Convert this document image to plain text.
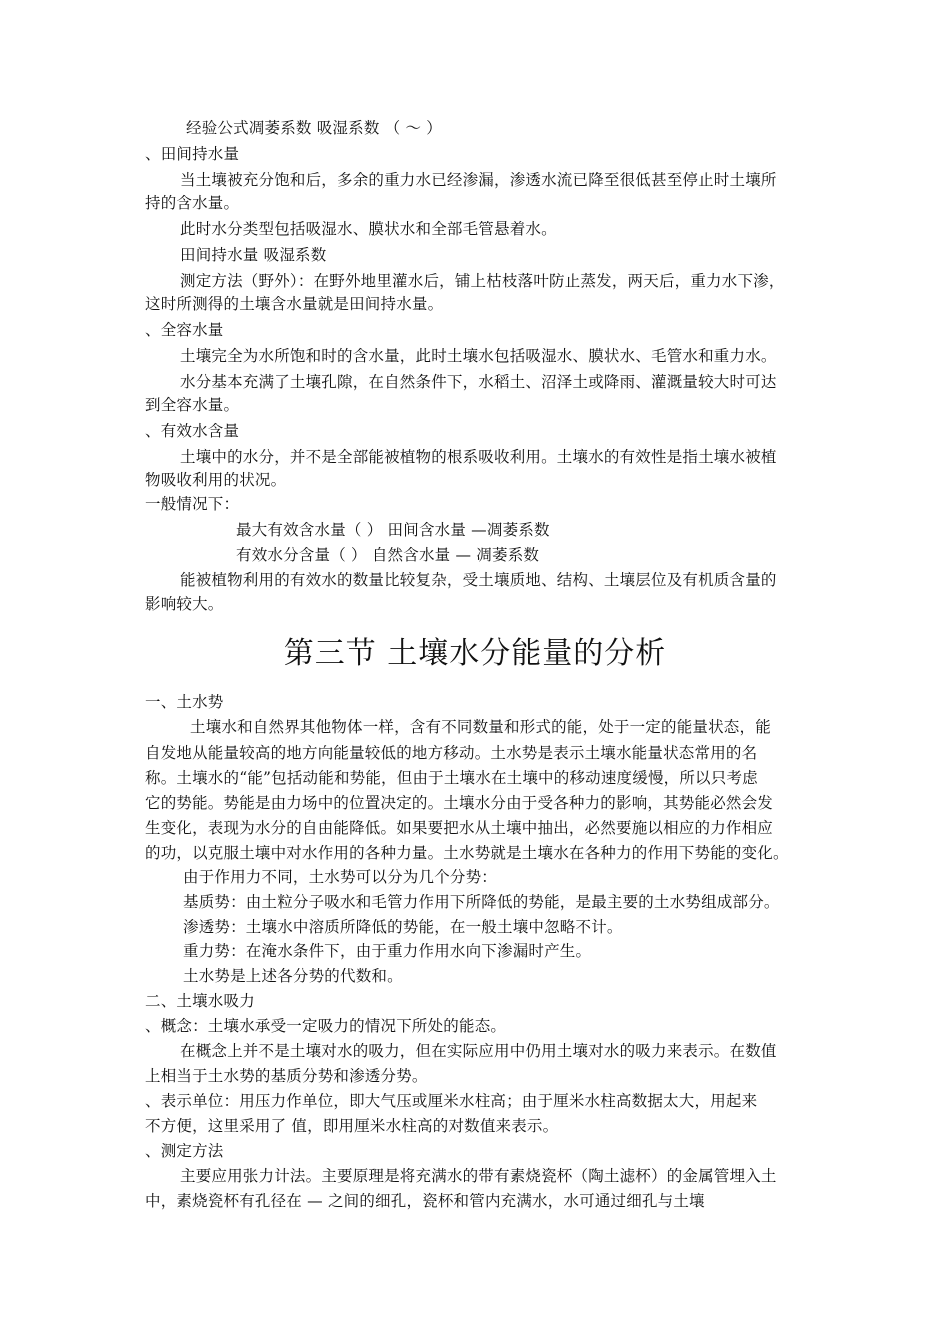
经验公式凋萎系数 吸湿系数 （ ～ ）
、田间持水量
当土壤被充分饱和后，多余的重力水已经渗漏，渗透水流已降至很低甚至停止时土壤所
持的含水量。
此时水分类型包括吸湿水、膜状水和全部毛管悬着水。
田间持水量 吸湿系数
测定方法（野外）：在野外地里灌水后，铺上枯枝落叶防止蒸发，两天后，重力水下渗，
这时所测得的土壤含水量就是田间持水量。
、全容水量
土壤完全为水所饱和时的含水量，此时土壤水包括吸湿水、膜状水、毛管水和重力水。
水分基本充满了土壤孔隙，在自然条件下，水稻土、沼泽土或降雨、灌溉量较大时可达
到全容水量。
、有效水含量
土壤中的水分，并不是全部能被植物的根系吸收利用。土壤水的有效性是指土壤水被植
物吸收利用的状况。
一般情况下：
最大有效含水量（ ） 田间含水量 —凋萎系数
有效水分含量（ ） 自然含水量 — 凋萎系数
能被植物利用的有效水的数量比较复杂，受土壤质地、结构、土壤层位及有机质含量的
影响较大。
第三节 土壤水分能量的分析
一、土水势
土壤水和自然界其他物体一样，含有不同数量和形式的能，处于一定的能量状态，能
自发地从能量较高的地方向能量较低的地方移动。土水势是表示土壤水能量状态常用的名
称。土壤水的“能”包括动能和势能，但由于土壤水在土壤中的移动速度缓慢，所以只考虑
它的势能。势能是由力场中的位置决定的。土壤水分由于受各种力的影响，其势能必然会发
生变化，表现为水分的自由能降低。如果要把水从土壤中抽出，必然要施以相应的力作相应
的功，以克服土壤中对水作用的各种力量。土水势就是土壤水在各种力的作用下势能的变化。
由于作用力不同，土水势可以分为几个分势：
基质势：由土粒分子吸水和毛管力作用下所降低的势能，是最主要的土水势组成部分。
渗透势：土壤水中溶质所降低的势能，在一般土壤中忽略不计。
重力势：在淹水条件下，由于重力作用水向下渗漏时产生。
土水势是上述各分势的代数和。
二、土壤水吸力
、概念：土壤水承受一定吸力的情况下所处的能态。
在概念上并不是土壤对水的吸力，但在实际应用中仍用土壤对水的吸力来表示。在数值
上相当于土水势的基质分势和渗透分势。
、表示单位：用压力作单位，即大气压或厘米水柱高；由于厘米水柱高数据太大，用起来
不方便，这里采用了 值，即用厘米水柱高的对数值来表示。
、测定方法
主要应用张力计法。主要原理是将充满水的带有素烧瓷杯（陶土滤杯）的金属管埋入土
中，素烧瓷杯有孔径在 — 之间的细孔，瓷杯和管内充满水，水可通过细孔与土壤
